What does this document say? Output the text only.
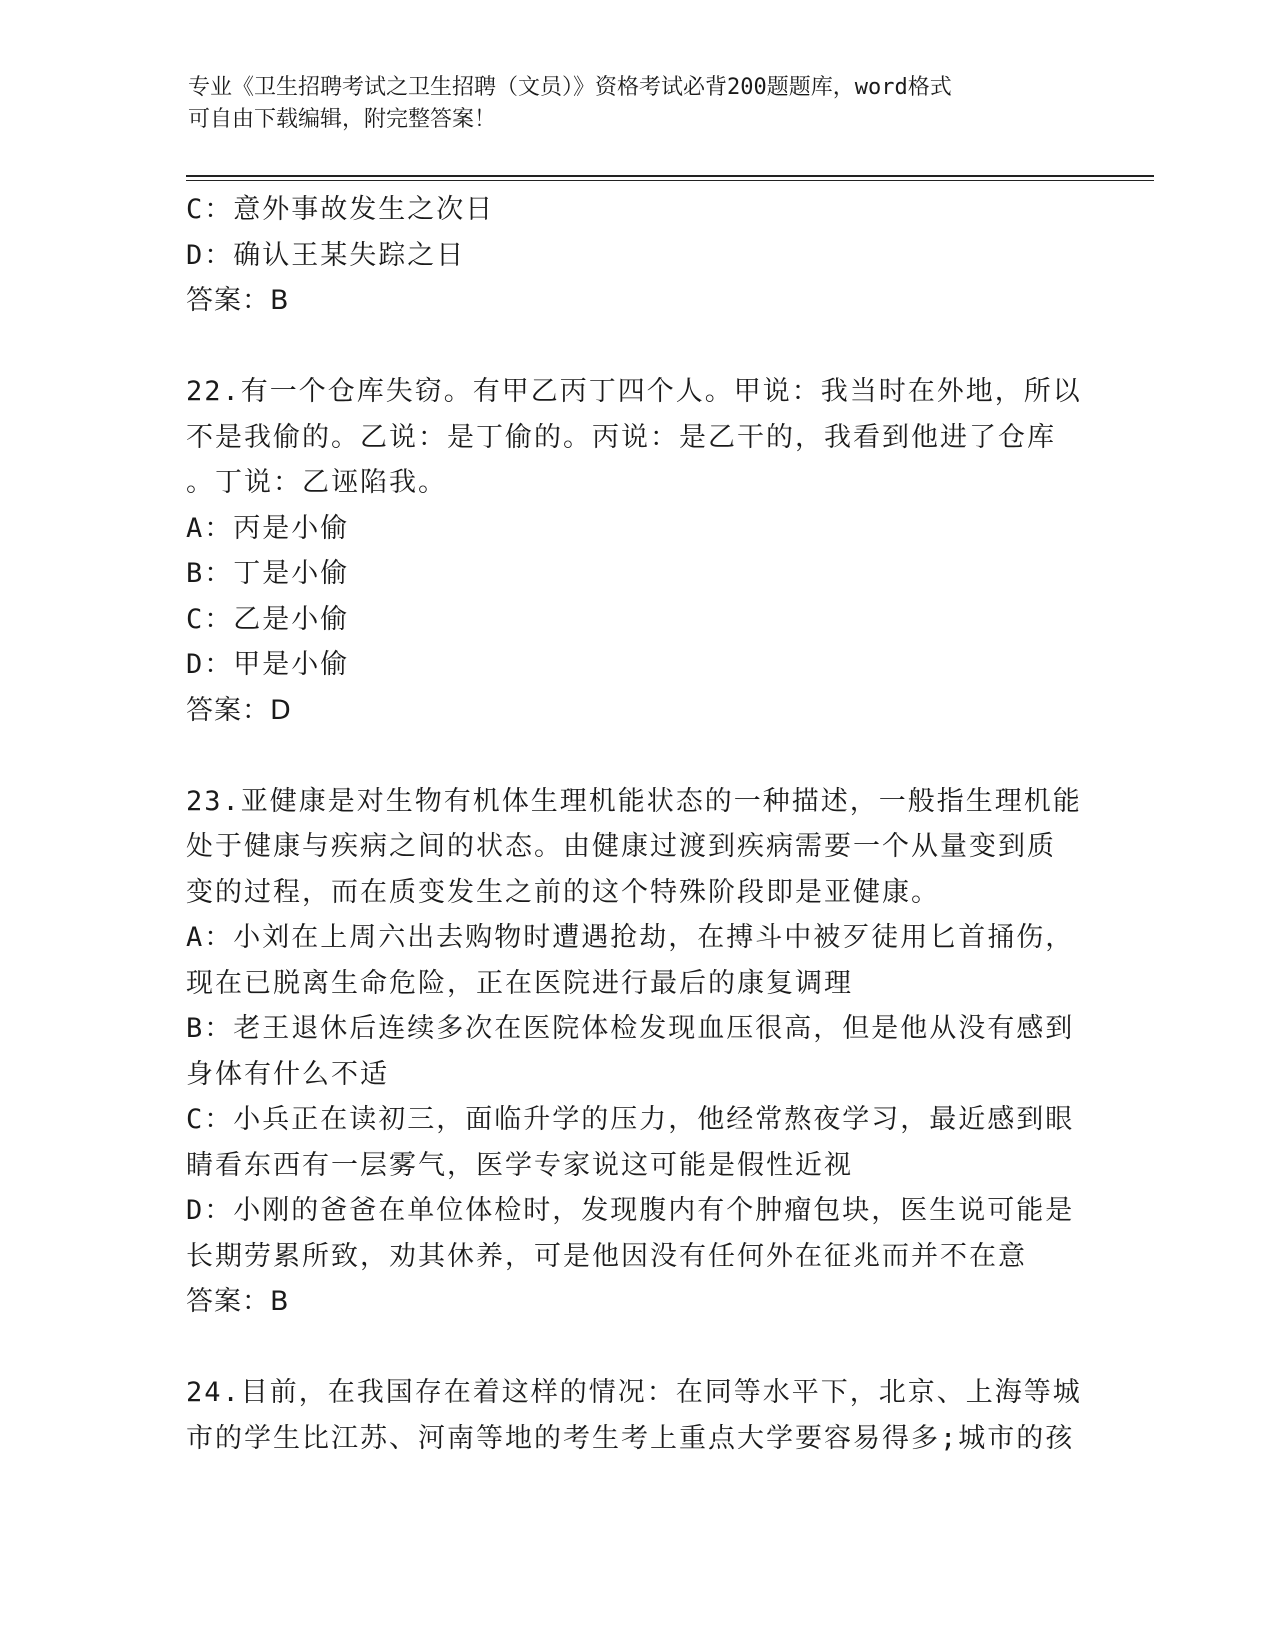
专业《卫生招聘考试之卫生招聘（文员）》资格考试必背200题题库，word格式
可自由下载编辑，附完整答案！
C：意外事故发生之次日
D：确认王某失踪之日
答案：B
22.有一个仓库失窃。有甲乙丙丁四个人。甲说：我当时在外地，所以
不是我偷的。乙说：是丁偷的。丙说：是乙干的，我看到他进了仓库
。丁说：乙诬陷我。
A：丙是小偷
B：丁是小偷
C：乙是小偷
D：甲是小偷
答案：D
23.亚健康是对生物有机体生理机能状态的一种描述，一般指生理机能
处于健康与疾病之间的状态。由健康过渡到疾病需要一个从量变到质
变的过程，而在质变发生之前的这个特殊阶段即是亚健康。
A：小刘在上周六出去购物时遭遇抢劫，在搏斗中被歹徒用匕首捅伤，
现在已脱离生命危险，正在医院进行最后的康复调理
B：老王退休后连续多次在医院体检发现血压很高，但是他从没有感到
身体有什么不适
C：小兵正在读初三，面临升学的压力，他经常熬夜学习，最近感到眼
睛看东西有一层雾气，医学专家说这可能是假性近视
D：小刚的爸爸在单位体检时，发现腹内有个肿瘤包块，医生说可能是
长期劳累所致，劝其休养，可是他因没有任何外在征兆而并不在意
答案：B
24.目前，在我国存在着这样的情况：在同等水平下，北京、上海等城
市的学生比江苏、河南等地的考生考上重点大学要容易得多;城市的孩
